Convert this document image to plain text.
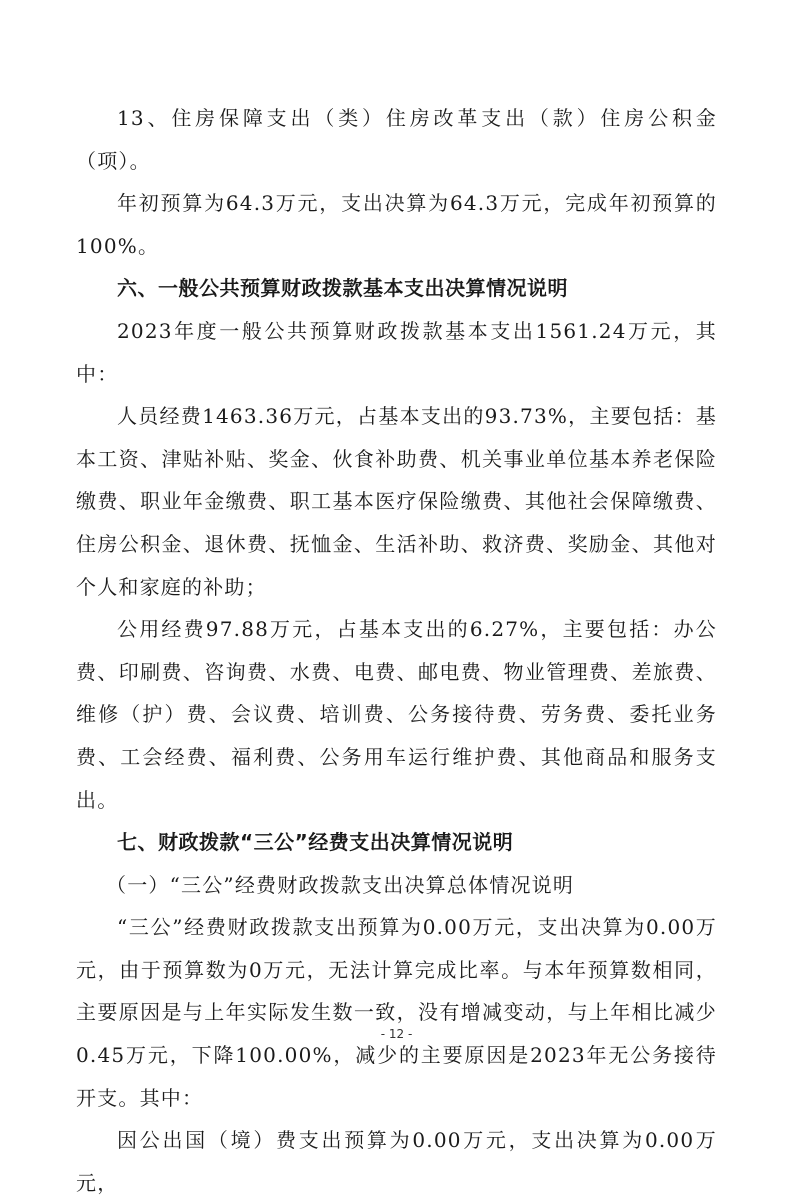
13、住房保障支出（类）住房改革支出（款）住房公积金（项）。

年初预算为64.3万元，支出决算为64.3万元，完成年初预算的100%。

六、一般公共预算财政拨款基本支出决算情况说明

2023年度一般公共预算财政拨款基本支出1561.24万元，其中：

人员经费1463.36万元，占基本支出的93.73%，主要包括：基本工资、津贴补贴、奖金、伙食补助费、机关事业单位基本养老保险缴费、职业年金缴费、职工基本医疗保险缴费、其他社会保障缴费、住房公积金、退休费、抚恤金、生活补助、救济费、奖励金、其他对个人和家庭的补助；

公用经费97.88万元，占基本支出的6.27%，主要包括：办公费、印刷费、咨询费、水费、电费、邮电费、物业管理费、差旅费、维修（护）费、会议费、培训费、公务接待费、劳务费、委托业务费、工会经费、福利费、公务用车运行维护费、其他商品和服务支出。

七、财政拨款“三公”经费支出决算情况说明

（一）“三公”经费财政拨款支出决算总体情况说明

“三公”经费财政拨款支出预算为0.00万元，支出决算为0.00万元，由于预算数为0万元，无法计算完成比率。与本年预算数相同，主要原因是与上年实际发生数一致，没有增减变动，与上年相比减少0.45万元，下降100.00%，减少的主要原因是2023年无公务接待开支。其中：

因公出国（境）费支出预算为0.00万元，支出决算为0.00万元，

- 12 -
